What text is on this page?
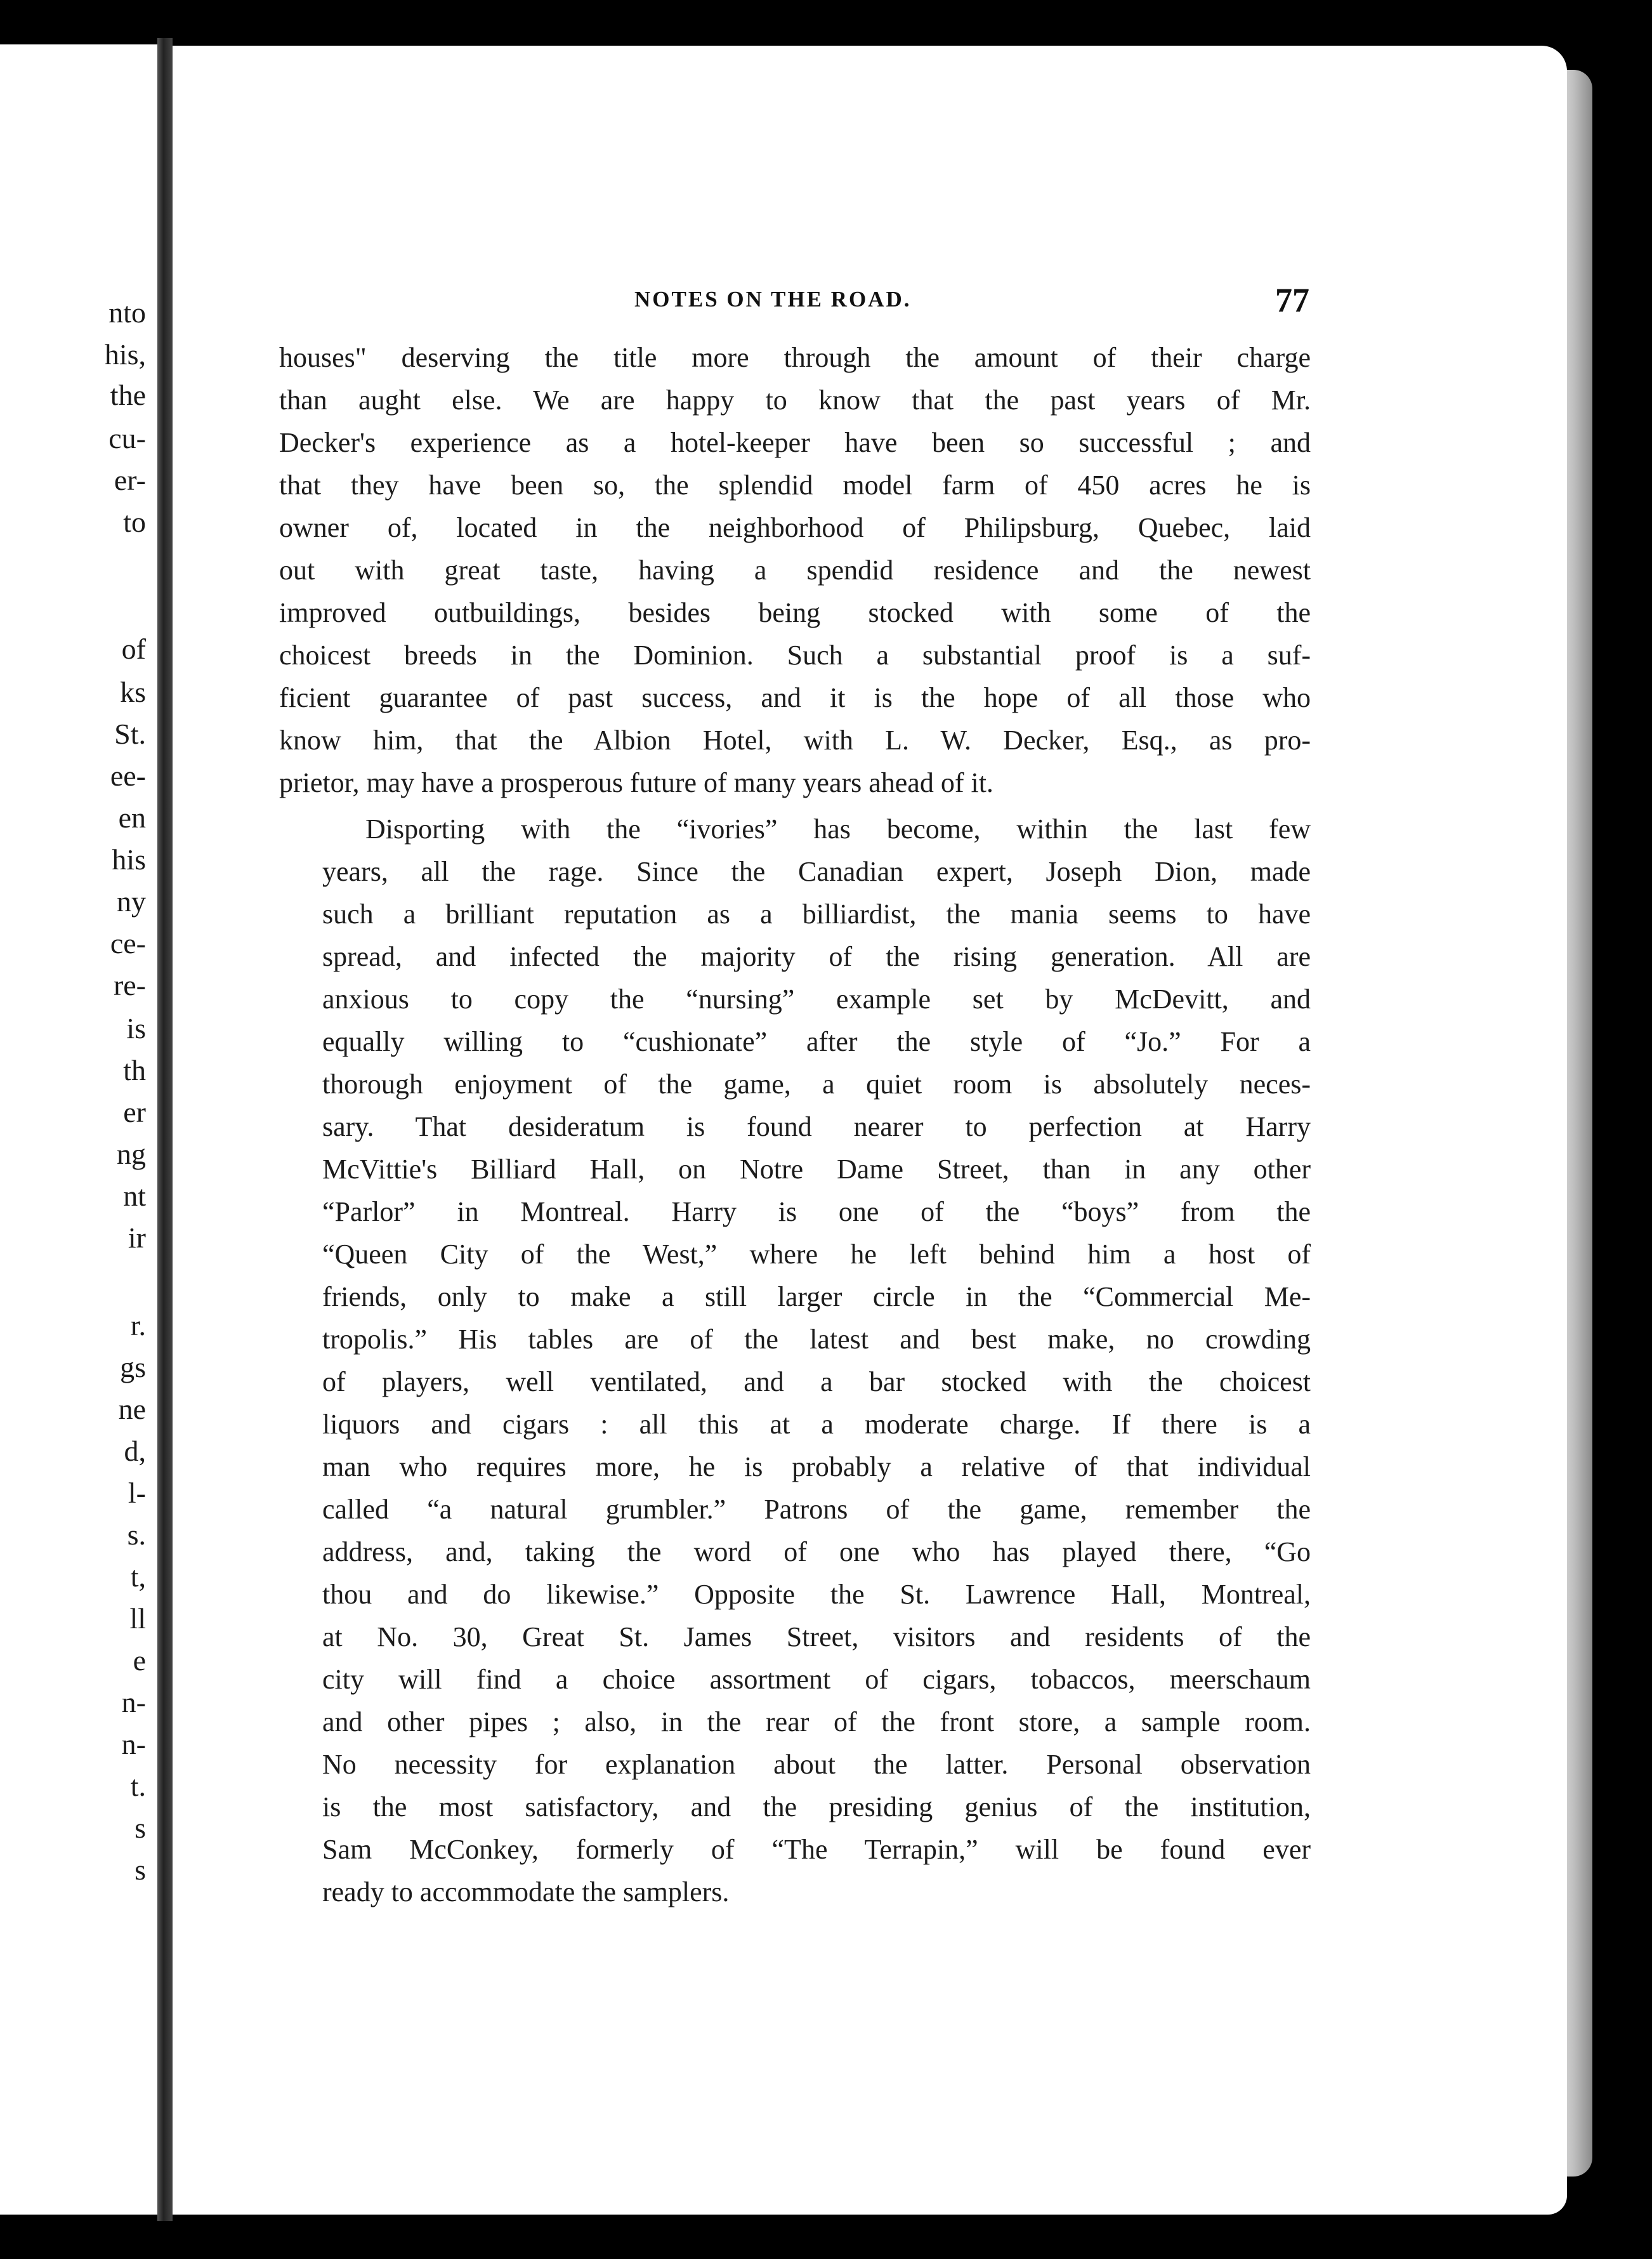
nto
his,
the
cu-
er-
to
of
ks
St.
ee-
en
his
ny
ce-
re-
is
th
er
ng
nt
ir
r.
gs
ne
d,
l-
s.
t,
ll
e
n-
n-
t.
s
s
NOTES ON THE ROAD.	77

houses" deserving the title more through the amount of their charge
than aught else. We are happy to know that the past years of Mr.
Decker's experience as a hotel-keeper have been so successful ; and
that they have been so, the splendid model farm of 450 acres he is
owner of, located in the neighborhood of Philipsburg, Quebec, laid
out with great taste, having a spendid residence and the newest
improved outbuildings, besides being stocked with some of the
choicest breeds in the Dominion. Such a substantial proof is a suf-
ficient guarantee of past success, and it is the hope of all those who
know him, that the Albion Hotel, with L. W. Decker, Esq., as pro-
prietor, may have a prosperous future of many years ahead of it.

Disporting with the “ivories” has become, within the last few
years, all the rage. Since the Canadian expert, Joseph Dion, made
such a brilliant reputation as a billiardist, the mania seems to have
spread, and infected the majority of the rising generation. All are
anxious to copy the “nursing” example set by McDevitt, and
equally willing to “cushionate” after the style of “Jo.” For a
thorough enjoyment of the game, a quiet room is absolutely neces-
sary. That desideratum is found nearer to perfection at Harry
McVittie's Billiard Hall, on Notre Dame Street, than in any other
“Parlor” in Montreal. Harry is one of the “boys” from the
“Queen City of the West,” where he left behind him a host of
friends, only to make a still larger circle in the “Commercial Me-
tropolis.” His tables are of the latest and best make, no crowding
of players, well ventilated, and a bar stocked with the choicest
liquors and cigars : all this at a moderate charge. If there is a
man who requires more, he is probably a relative of that individual
called “a natural grumbler.” Patrons of the game, remember the
address, and, taking the word of one who has played there, “Go
thou and do likewise.” Opposite the St. Lawrence Hall, Montreal,
at No. 30, Great St. James Street, visitors and residents of the
city will find a choice assortment of cigars, tobaccos, meerschaum
and other pipes ; also, in the rear of the front store, a sample room.
No necessity for explanation about the latter. Personal observation
is the most satisfactory, and the presiding genius of the institution,
Sam McConkey, formerly of “The Terrapin,” will be found ever
ready to accommodate the samplers.
